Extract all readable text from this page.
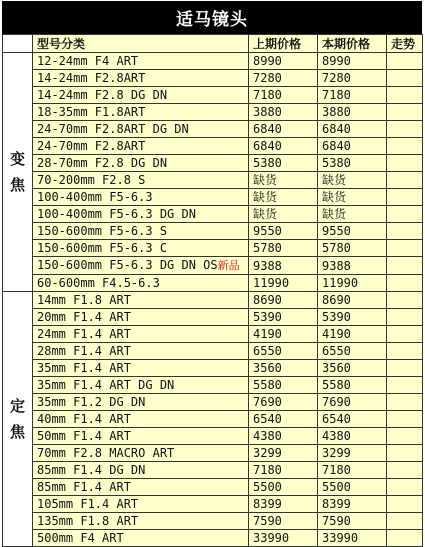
适马镜头
	型号分类	上期价格	本期价格	走势
变焦	12-24mm F4 ART	8990	8990	
	14-24mm F2.8ART	7280	7280	
	14-24mm F2.8 DG DN	7180	7180	
	18-35mm F1.8ART	3880	3880	
	24-70mm F2.8ART DG DN	6840	6840	
	24-70mm F2.8ART	6840	6840	
	28-70mm F2.8 DG DN	5380	5380	
	70-200mm F2.8 S	缺货	缺货	
	100-400mm F5-6.3	缺货	缺货	
	100-400mm F5-6.3 DG DN	缺货	缺货	
	150-600mm F5-6.3 S	9550	9550	
	150-600mm F5-6.3 C	5780	5780	
	150-600mm F5-6.3 DG DN OS新品	9388	9388	
	60-600mm F4.5-6.3	11990	11990	
定焦	14mm F1.8 ART	8690	8690	
	20mm F1.4 ART	5390	5390	
	24mm F1.4 ART	4190	4190	
	28mm F1.4 ART	6550	6550	
	35mm F1.4 ART	3560	3560	
	35mm F1.4 ART DG DN	5580	5580	
	35mm F1.2 DG DN	7690	7690	
	40mm F1.4 ART	6540	6540	
	50mm F1.4 ART	4380	4380	
	70mm F2.8 MACRO ART	3299	3299	
	85mm F1.4 DG DN	7180	7180	
	85mm F1.4 ART	5500	5500	
	105mm F1.4 ART	8399	8399	
	135mm F1.8 ART	7590	7590	
	500mm F4 ART	33990	33990	
